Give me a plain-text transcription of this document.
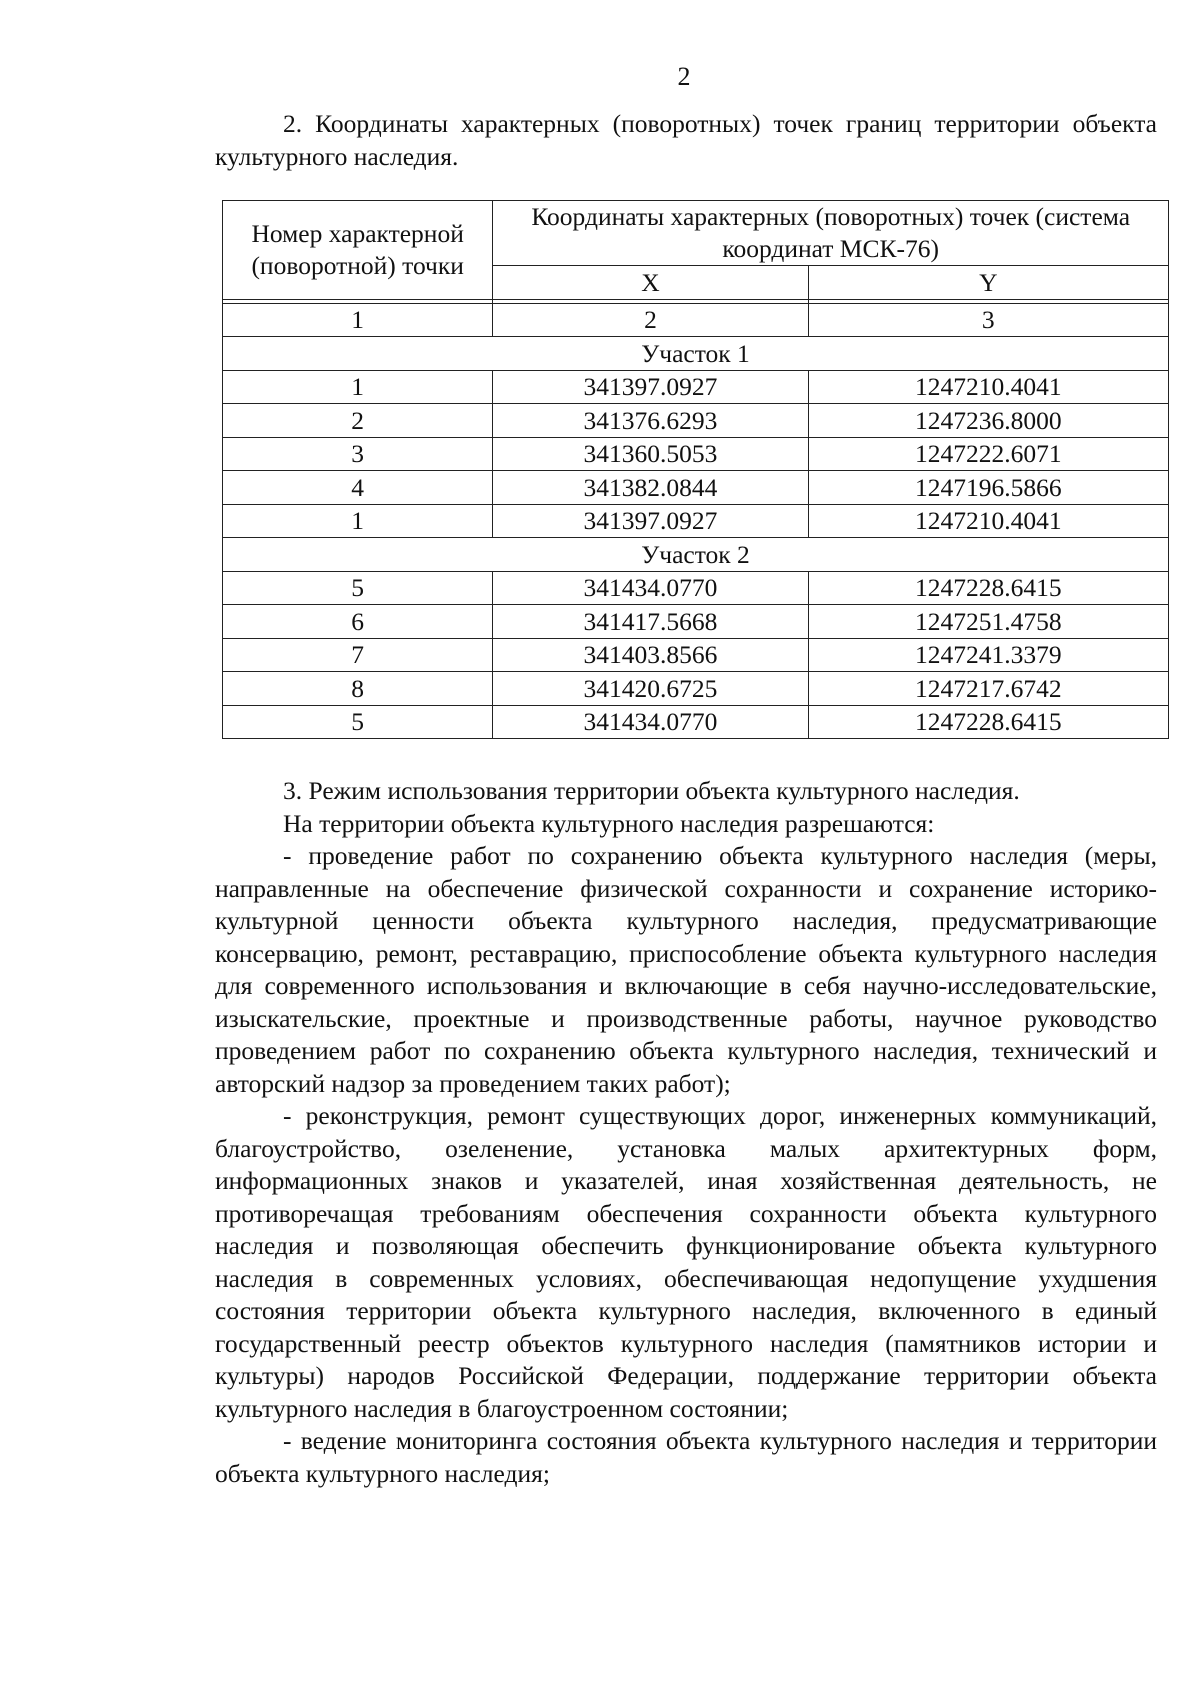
2

2. Координаты характерных (поворотных) точек границ территории объекта культурного наследия.

Номер характерной (поворотной) точки	Координаты характерных (поворотных) точек (система координат МСК-76)	
	X	Y

1	2	3
Участок 1		
1	341397.0927	1247210.4041
2	341376.6293	1247236.8000
3	341360.5053	1247222.6071
4	341382.0844	1247196.5866
1	341397.0927	1247210.4041
Участок 2		
5	341434.0770	1247228.6415
6	341417.5668	1247251.4758
7	341403.8566	1247241.3379
8	341420.6725	1247217.6742
5	341434.0770	1247228.6415

3. Режим использования территории объекта культурного наследия.

На территории объекта культурного наследия разрешаются:

- проведение работ по сохранению объекта культурного наследия (меры, направленные на обеспечение физической сохранности и сохранение историко-культурной ценности объекта культурного наследия, предусматривающие консервацию, ремонт, реставрацию, приспособление объекта культурного наследия для современного использования и включающие в себя научно-исследовательские, изыскательские, проектные и производственные работы, научное руководство проведением работ по сохранению объекта культурного наследия, технический и авторский надзор за проведением таких работ);

- реконструкция, ремонт существующих дорог, инженерных коммуникаций, благоустройство, озеленение, установка малых архитектурных форм, информационных знаков и указателей, иная хозяйственная деятельность, не противоречащая требованиям обеспечения сохранности объекта культурного наследия и позволяющая обеспечить функционирование объекта культурного наследия в современных условиях, обеспечивающая недопущение ухудшения состояния территории объекта культурного наследия, включенного в единый государственный реестр объектов культурного наследия (памятников истории и культуры) народов Российской Федерации, поддержание территории объекта культурного наследия в благоустроенном состоянии;

- ведение мониторинга состояния объекта культурного наследия и территории объекта культурного наследия;
